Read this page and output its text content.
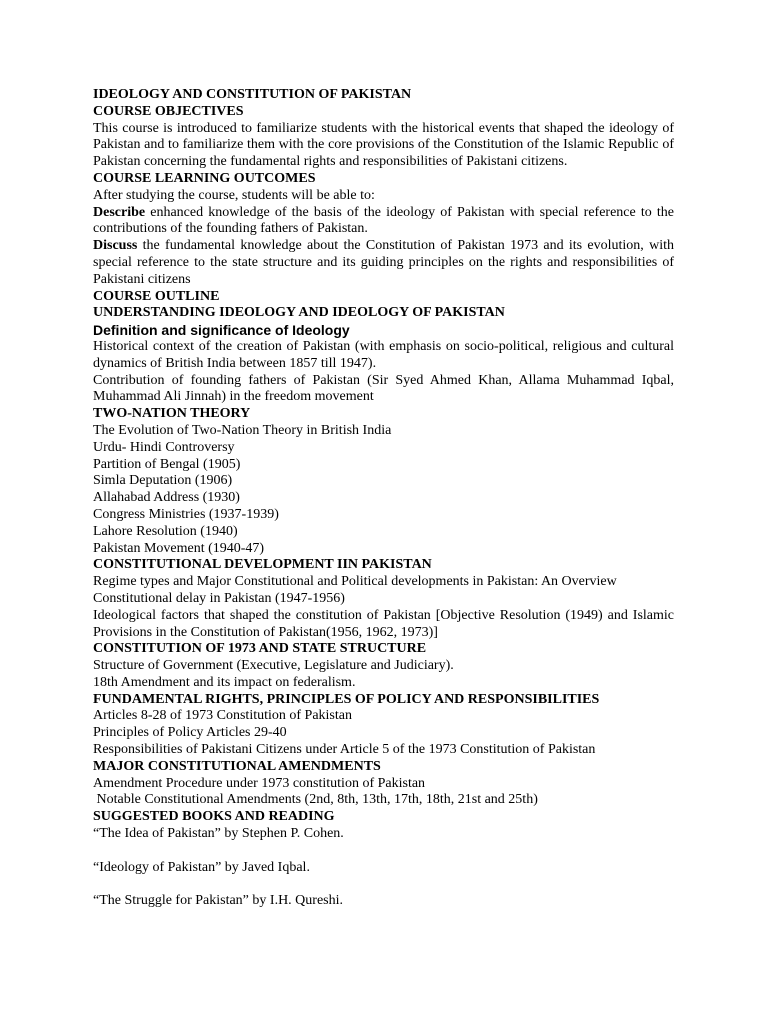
IDEOLOGY AND CONSTITUTION OF PAKISTAN
COURSE OBJECTIVES

This course is introduced to familiarize students with the historical events that shaped the ideology of Pakistan and to familiarize them with the core provisions of the Constitution of the Islamic Republic of Pakistan concerning the fundamental rights and responsibilities of Pakistani citizens.

COURSE LEARNING OUTCOMES

After studying the course, students will be able to:

Describe enhanced knowledge of the basis of the ideology of Pakistan with special reference to the contributions of the founding fathers of Pakistan.

Discuss the fundamental knowledge about the Constitution of Pakistan 1973 and its evolution, with special reference to the state structure and its guiding principles on the rights and responsibilities of Pakistani citizens

COURSE OUTLINE
UNDERSTANDING IDEOLOGY AND IDEOLOGY OF PAKISTAN

Definition and significance of Ideology

Historical context of the creation of Pakistan (with emphasis on socio-political, religious and cultural dynamics of British India between 1857 till 1947).

Contribution of founding fathers of Pakistan (Sir Syed Ahmed Khan, Allama Muhammad Iqbal, Muhammad Ali Jinnah) in the freedom movement

TWO-NATION THEORY

The Evolution of Two-Nation Theory in British India

Urdu- Hindi Controversy

Partition of Bengal (1905)

Simla Deputation (1906)

Allahabad Address (1930)

Congress Ministries (1937-1939)

Lahore Resolution (1940)

Pakistan Movement (1940-47)

CONSTITUTIONAL DEVELOPMENT IIN PAKISTAN

Regime types and Major Constitutional and Political developments in Pakistan: An Overview

Constitutional delay in Pakistan (1947-1956)

Ideological factors that shaped the constitution of Pakistan [Objective Resolution (1949) and Islamic Provisions in the Constitution of Pakistan(1956, 1962, 1973)]

CONSTITUTION OF 1973 AND STATE STRUCTURE

Structure of Government (Executive, Legislature and Judiciary).

18th Amendment and its impact on federalism.

FUNDAMENTAL RIGHTS, PRINCIPLES OF POLICY AND RESPONSIBILITIES

Articles 8-28 of 1973 Constitution of Pakistan

Principles of Policy Articles 29-40

Responsibilities of Pakistani Citizens under Article 5 of the 1973 Constitution of Pakistan

MAJOR CONSTITUTIONAL AMENDMENTS

Amendment Procedure under 1973 constitution of Pakistan

Notable Constitutional Amendments (2nd, 8th, 13th, 17th, 18th, 21st and 25th)

SUGGESTED BOOKS AND READING

“The Idea of Pakistan” by Stephen P. Cohen.

“Ideology of Pakistan” by Javed Iqbal.

“The Struggle for Pakistan” by I.H. Qureshi.
